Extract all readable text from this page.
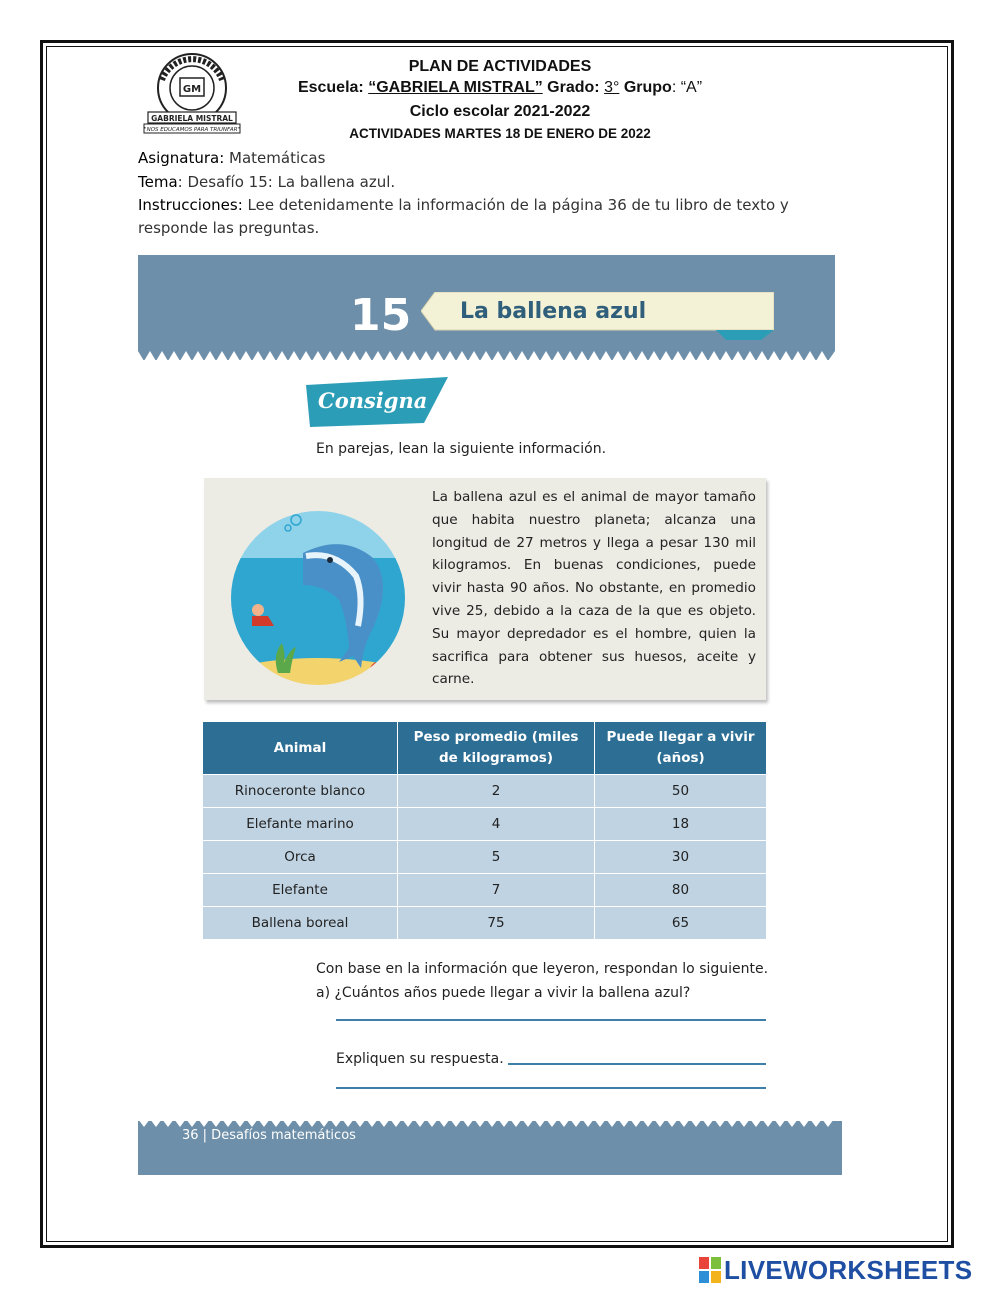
GM
GABRIELA MISTRAL
"NOS EDUCAMOS PARA TRIUNFAR"
PLAN DE ACTIVIDADES
Escuela: “GABRIELA MISTRAL” Grado: 3° Grupo: “A”
Ciclo escolar 2021-2022
ACTIVIDADES MARTES 18 DE ENERO DE 2022
Asignatura: Matemáticas
Tema: Desafío 15: La ballena azul.
Instrucciones: Lee detenidamente la información de la página 36 de tu libro de texto y responde las preguntas.
15 La ballena azul
Consigna
En parejas, lean la siguiente información.
La ballena azul es el animal de mayor tamaño que habita nuestro planeta; alcanza una longitud de 27 metros y llega a pesar 130 mil kilogramos. En buenas condiciones, puede vivir hasta 90 años. No obstante, en promedio vive 25, debido a la caza de la que es objeto. Su mayor depredador es el hombre, quien la sacrifica para obtener sus huesos, aceite y carne.
Animal	Peso promedio (miles de kilogramos)	Puede llegar a vivir (años)
Rinoceronte blanco	2	50
Elefante marino	4	18
Orca	5	30
Elefante	7	80
Ballena boreal	75	65
Con base en la información que leyeron, respondan lo siguiente.
a) ¿Cuántos años puede llegar a vivir la ballena azul?
Expliquen su respuesta.
36 | Desafíos matemáticos
LIVEWORKSHEETS
